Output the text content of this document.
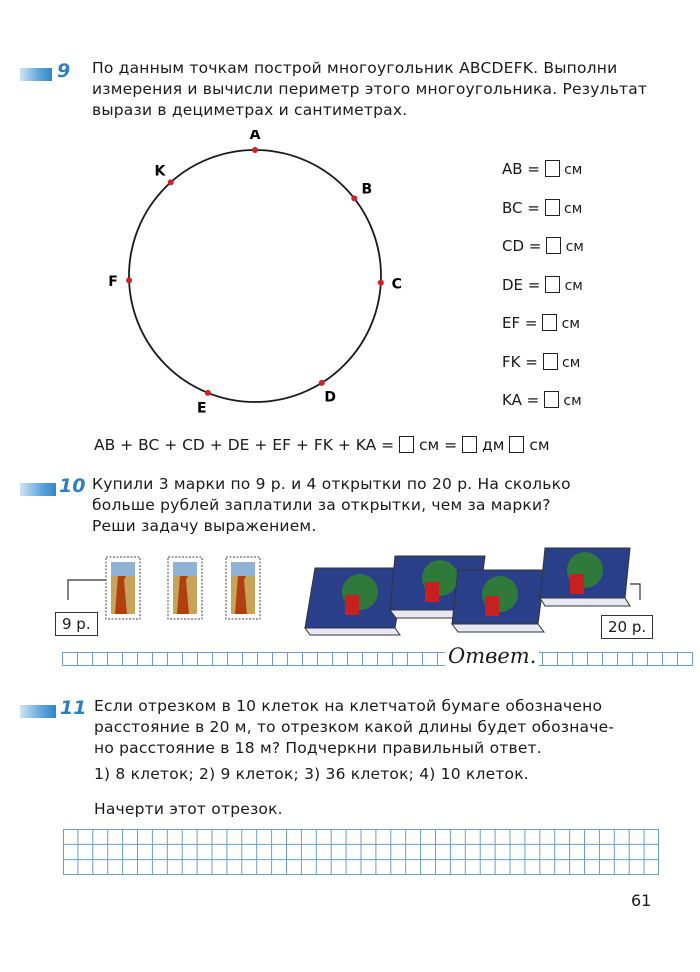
9 По данным точкам построй многоугольник ABCDEFK. Выполни
измерения и вычисли периметр этого многоугольника. Результат
вырази в дециметрах и сантиметрах.
A
B
C
D
E
F
K	AB =  см
BC =  см
CD =  см
DE =  см
EF =  см
FK =  см
KA =  см
AB + BC + CD + DE + EF + FK + KA = см = дм см
10 Купили 3 марки по 9 р. и 4 открытки по 20 р. На сколько
больше рублей заплатили за открытки, чем за марки?
Реши задачу выражением.
9 р.	20 р.
Ответ.
11 Если отрезком в 10 клеток на клетчатой бумаге обозначено
расстояние в 20 м, то отрезком какой длины будет обозначе-
но расстояние в 18 м? Подчеркни правильный ответ.
1) 8 клеток; 2) 9 клеток; 3) 36 клеток; 4) 10 клеток.
Начерти этот отрезок.
61
